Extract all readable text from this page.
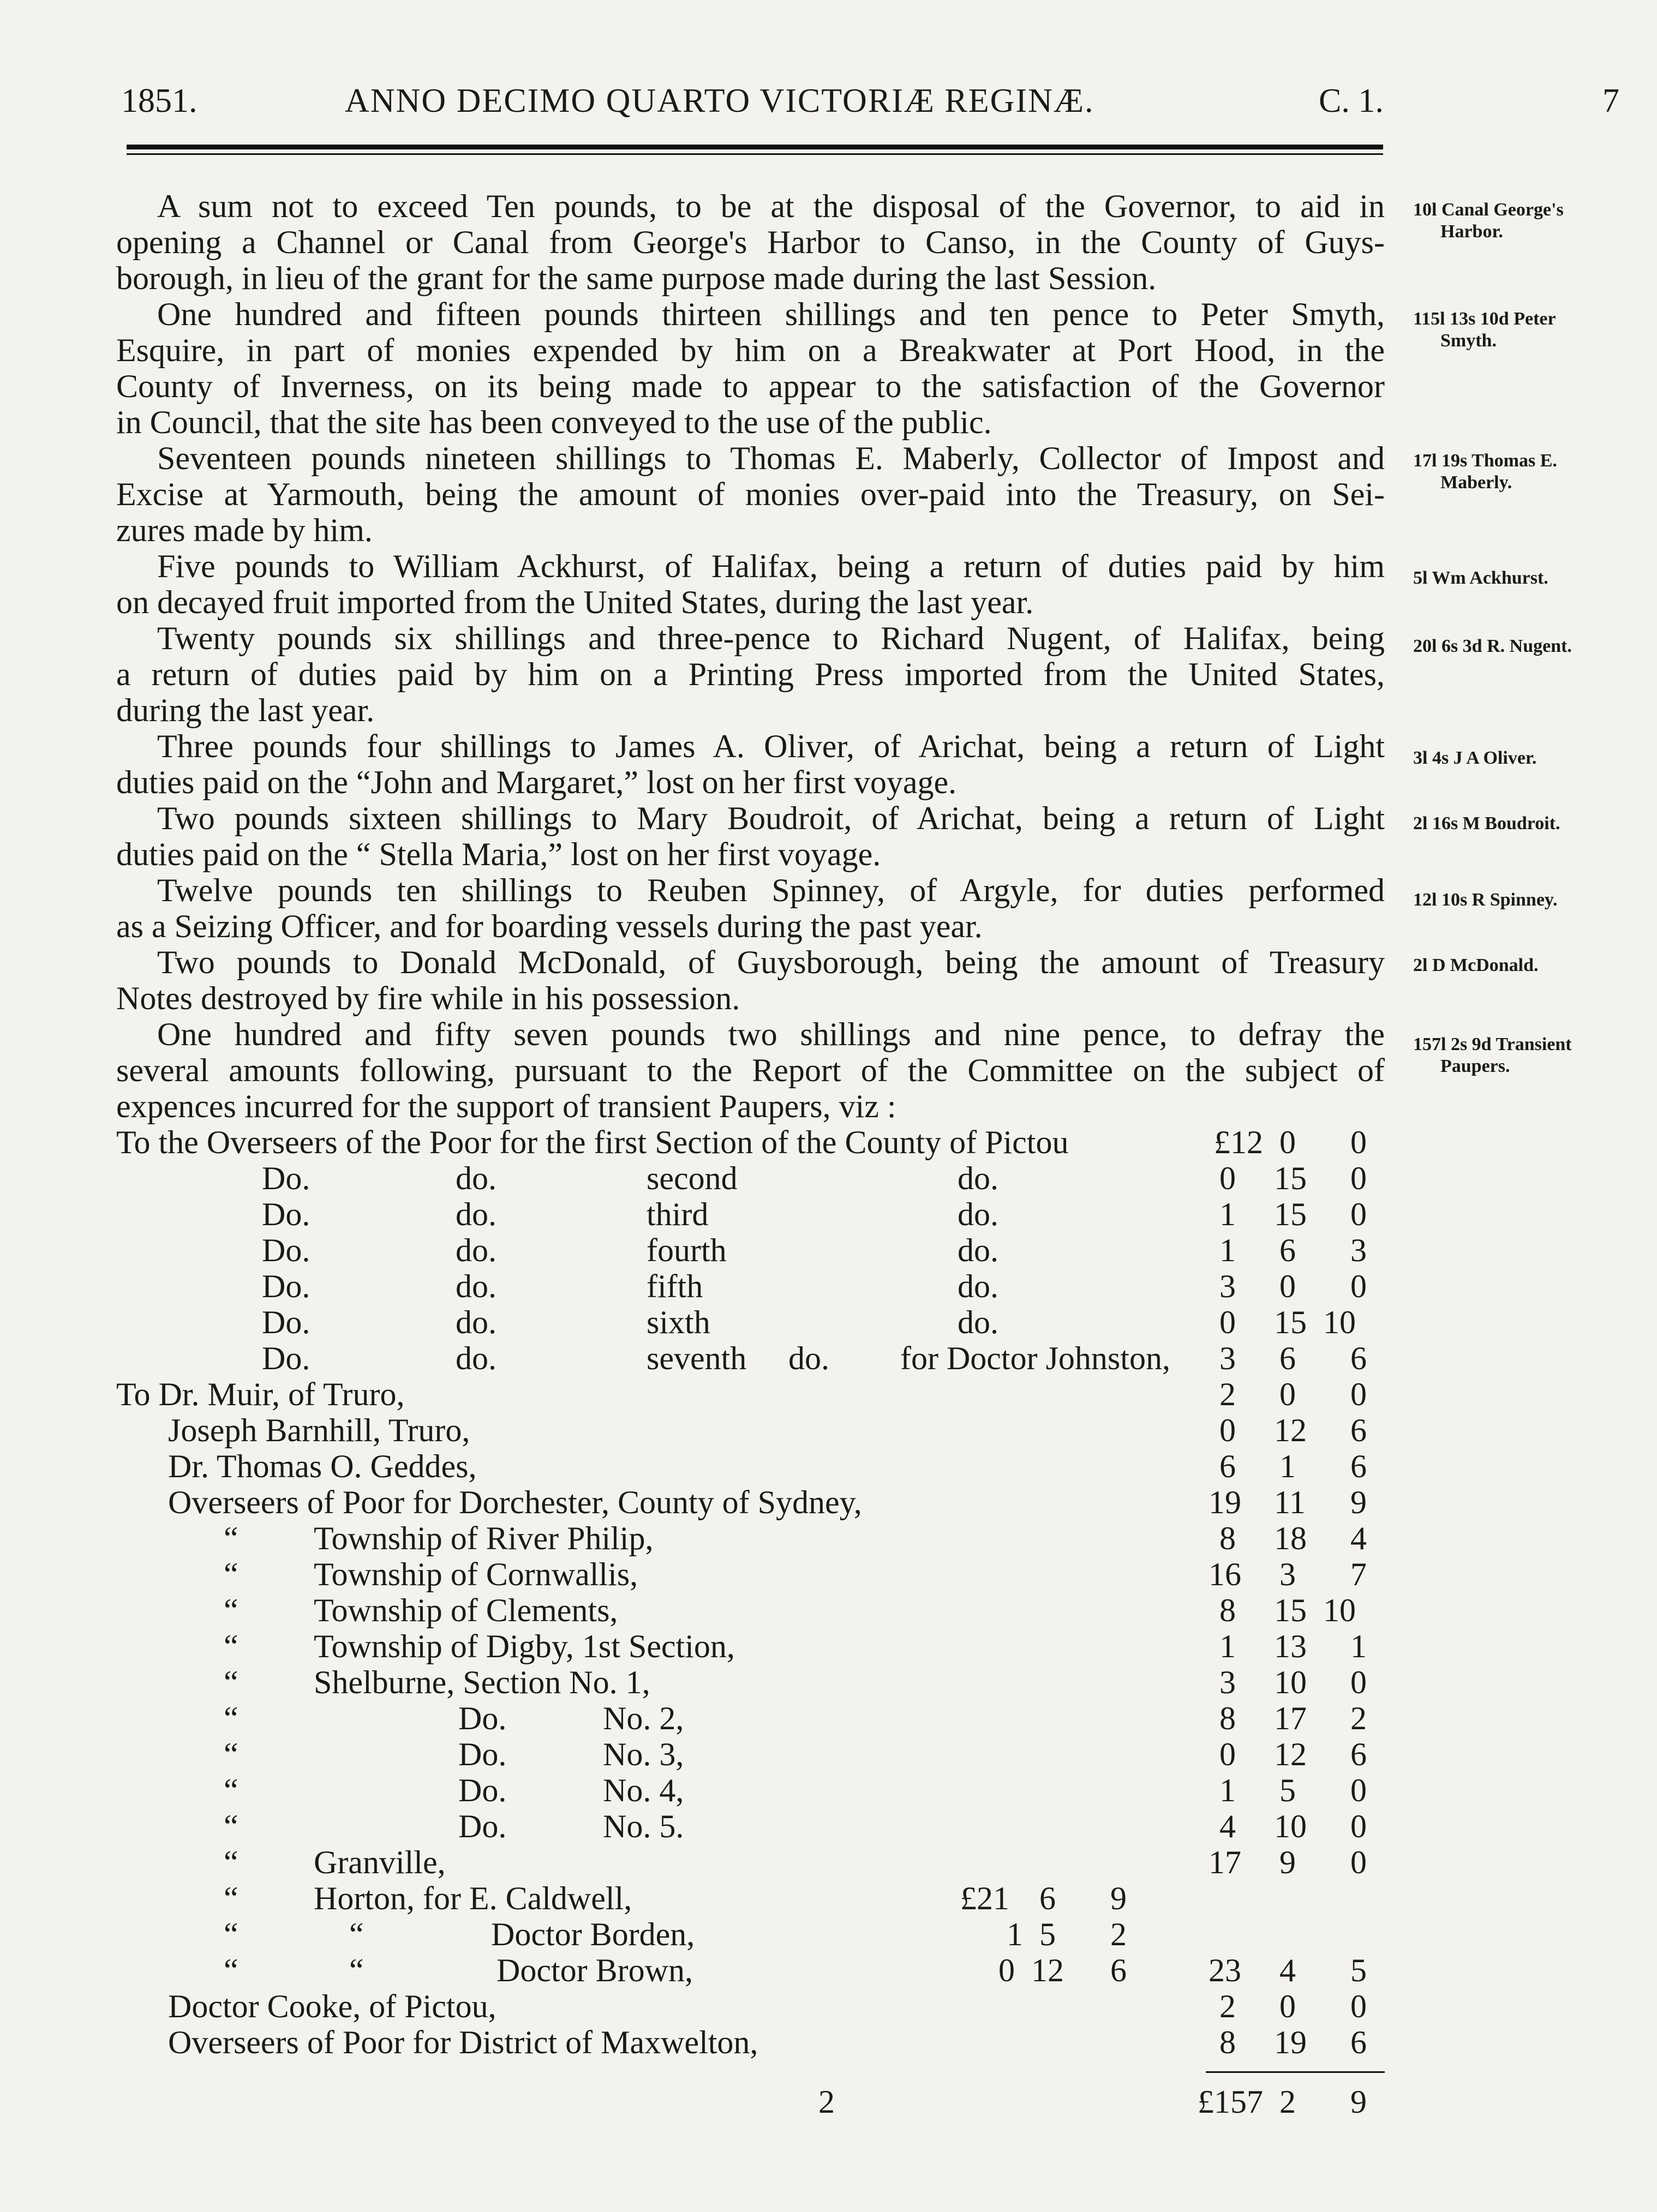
1851.	ANNO DECIMO QUARTO VICTORIÆ REGINÆ.	C. 1.	7
A sum not to exceed Ten pounds, to be at the disposal of the Governor, to aid in
opening a Channel or Canal from George's Harbor to Canso, in the County of Guys-
borough, in lieu of the grant for the same purpose made during the last Session.
One hundred and fifteen pounds thirteen shillings and ten pence to Peter Smyth,
Esquire, in part of monies expended by him on a Breakwater at Port Hood, in the
County of Inverness, on its being made to appear to the satisfaction of the Governor
in Council, that the site has been conveyed to the use of the public.
Seventeen pounds nineteen shillings to Thomas E. Maberly, Collector of Impost and
Excise at Yarmouth, being the amount of monies over-paid into the Treasury, on Sei-
zures made by him.
Five pounds to William Ackhurst, of Halifax, being a return of duties paid by him
on decayed fruit imported from the United States, during the last year.
Twenty pounds six shillings and three-pence to Richard Nugent, of Halifax, being
a return of duties paid by him on a Printing Press imported from the United States,
during the last year.
Three pounds four shillings to James A. Oliver, of Arichat, being a return of Light
duties paid on the “John and Margaret,” lost on her first voyage.
Two pounds sixteen shillings to Mary Boudroit, of Arichat, being a return of Light
duties paid on the “ Stella Maria,” lost on her first voyage.
Twelve pounds ten shillings to Reuben Spinney, of Argyle, for duties performed
as a Seizing Officer, and for boarding vessels during the past year.
Two pounds to Donald McDonald, of Guysborough, being the amount of Treasury
Notes destroyed by fire while in his possession.
One hundred and fifty seven pounds two shillings and nine pence, to defray the
several amounts following, pursuant to the Report of the Committee on the subject of
expences incurred for the support of transient Paupers, viz :
10l Canal George's
Harbor.
115l 13s 10d Peter
Smyth.
17l 19s Thomas E.
Maberly.
5l Wm Ackhurst.
20l 6s 3d R. Nugent.
3l 4s J A Oliver.
2l 16s M Boudroit.
12l 10s R Spinney.
2l D McDonald.
157l 2s 9d Transient
Paupers.
To the Overseers of the Poor for the first Section of the County of Pictou	£12 0 0
Do.	do.	second	do.	0 15 0
Do.	do.	third	do.	1 15 0
Do.	do.	fourth	do.	1 6 3
Do.	do.	fifth	do.	3 0 0
Do.	do.	sixth	do.	0 15 10
Do.	do.	seventh do. for Doctor Johnston, 3 6 6
To Dr. Muir, of Truro,	2 0 0
Joseph Barnhill, Truro,	0 12 6
Dr. Thomas O. Geddes,	6 1 6
Overseers of Poor for Dorchester, County of Sydney,	19 11 9
“ Township of River Philip,	8 18 4
“ Township of Cornwallis,	16 3 7
“ Township of Clements,	8 15 10
“ Township of Digby, 1st Section,	1 13 1
“ Shelburne, Section No. 1,	3 10 0
“	Do.	No. 2,	8 17 2
“	Do.	No. 3,	0 12 6
“	Do.	No. 4,	1 5 0
“	Do.	No. 5.	4 10 0
“ Granville,	17 9 0
“ Horton, for E. Caldwell,	£21 6 9
“	“	Doctor Borden,	1 5 2
“	“	Doctor Brown,	0 12 6	23 4 5
Doctor Cooke, of Pictou,	2 0 0
Overseers of Poor for District of Maxwelton,	8 19 6
2	£157 2 9
